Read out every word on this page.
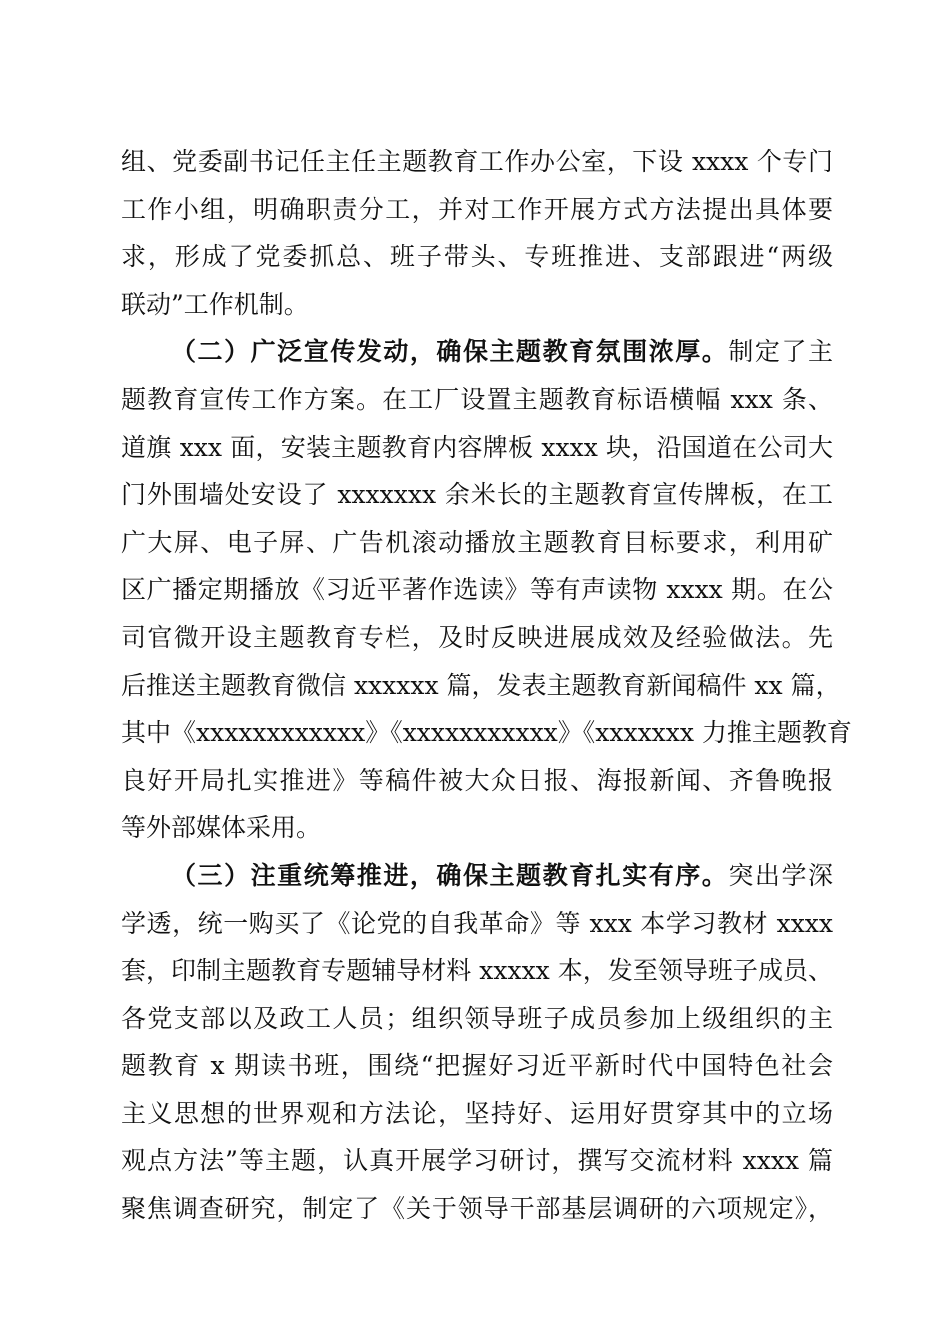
组、党委副书记任主任主题教育工作办公室，下设 xxxx 个专门
工作小组，明确职责分工，并对工作开展方式方法提出具体要
求，形成了党委抓总、班子带头、专班推进、支部跟进“两级
联动”工作机制。
（二）广泛宣传发动，确保主题教育氛围浓厚。制定了主
题教育宣传工作方案。在工厂设置主题教育标语横幅 xxx 条、
道旗 xxx 面，安装主题教育内容牌板 xxxx 块，沿国道在公司大
门外围墙处安设了 xxxxxxx 余米长的主题教育宣传牌板，在工
广大屏、电子屏、广告机滚动播放主题教育目标要求，利用矿
区广播定期播放《习近平著作选读》等有声读物 xxxx 期。在公
司官微开设主题教育专栏，及时反映进展成效及经验做法。先
后推送主题教育微信 xxxxxx 篇，发表主题教育新闻稿件 xx 篇，
其中《xxxxxxxxxxxx》《xxxxxxxxxxx》《xxxxxxx 力推主题教育
良好开局扎实推进》等稿件被大众日报、海报新闻、齐鲁晚报
等外部媒体采用。
（三）注重统筹推进，确保主题教育扎实有序。突出学深
学透，统一购买了《论党的自我革命》等 xxx 本学习教材 xxxx
套，印制主题教育专题辅导材料 xxxxx 本，发至领导班子成员、
各党支部以及政工人员；组织领导班子成员参加上级组织的主
题教育 x 期读书班，围绕“把握好习近平新时代中国特色社会
主义思想的世界观和方法论，坚持好、运用好贯穿其中的立场
观点方法”等主题，认真开展学习研讨，撰写交流材料 xxxx 篇
聚焦调查研究，制定了《关于领导干部基层调研的六项规定》，
